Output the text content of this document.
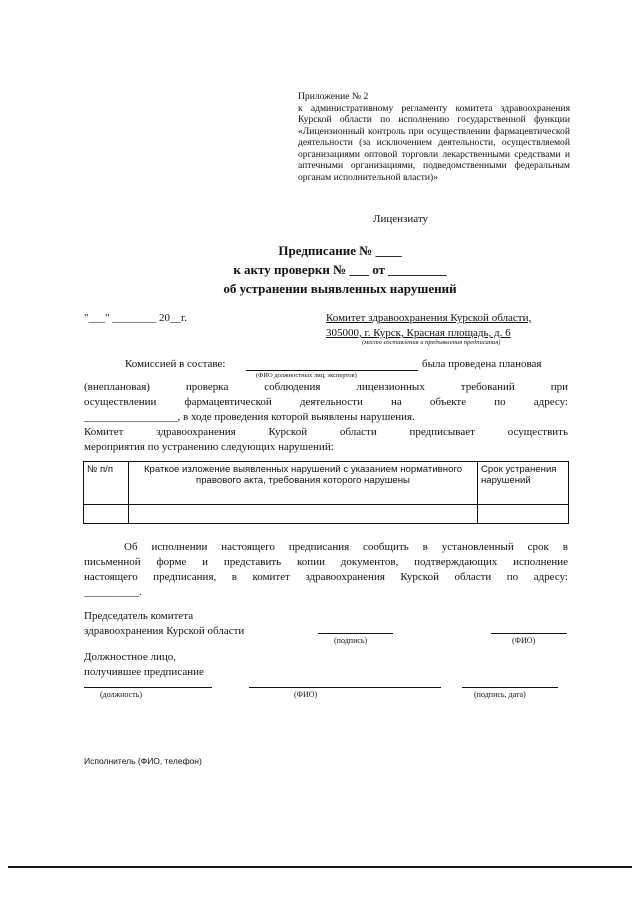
Приложение № 2
к административному регламенту комитета здравоохранения Курской области по исполнению государственной функции «Лицензионный контроль при осуществлении фармацевтической деятельности (за исключением деятельности, осуществляемой организациями оптовой торговли лекарственными средствами и аптечными организациями, подведомственными федеральным органам исполнительной власти)»
Лицензиату
Предписание № ____
к акту проверки № ___ от _________
об устранении выявленных нарушений
"___" ________ 20__г.	Комитет здравоохранения Курской области,
305000, г. Курск, Красная площадь, д. 6
(место составления и предъявления предписания)
Комиссией в составе:
(ФИО должностных лиц, экспертов)
была проведена плановая
(внеплановая) проверка соблюдения лицензионных требований при
осуществлении фармацевтической деятельности на объекте по адресу:
_________________, в ходе проведения которой выявлены нарушения.
Комитет здравоохранения Курской области предписывает осуществить
мероприятия по устранению следующих нарушений:
№ п/п	Краткое изложение выявленных нарушений с указанием нормативного правового акта, требования которого нарушены	Срок устранения нарушений

Об исполнении настоящего предписания сообщить в установленный срок в
письменной форме и представить копии документов, подтверждающих исполнение
настоящего предписания, в комитет здравоохранения Курской области по адресу:
__________.
Председатель комитета
здравоохранения Курской области
(подпись)	(ФИО)
Должностное лицо,
получившее предписание
(должность)	(ФИО)	(подпись, дата)
Исполнитель (ФИО, телефон)
